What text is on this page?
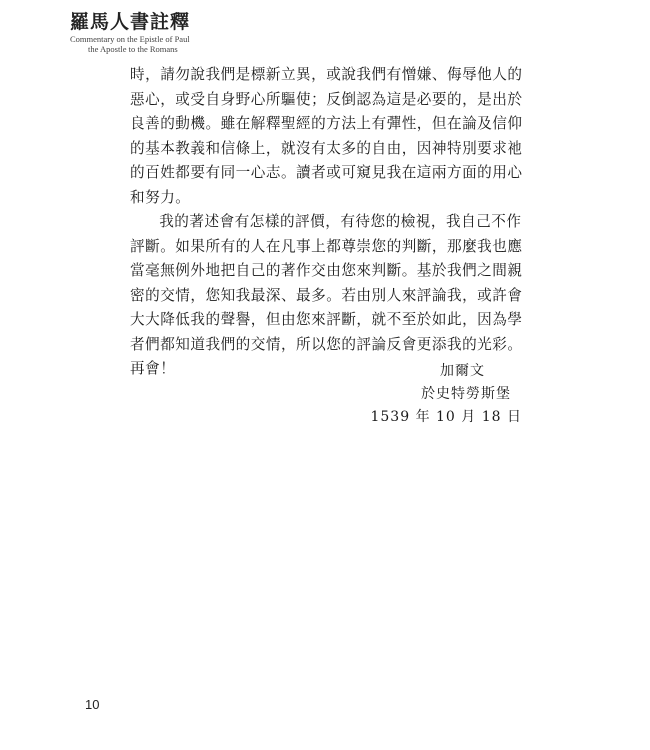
羅馬人書註釋
Commentary on the Epistle of Paul
the Apostle to the Romans

時，請勿說我們是標新立異，或說我們有憎嫌、侮辱他人的惡心，或受自身野心所驅使；反倒認為這是必要的，是出於良善的動機。雖在解釋聖經的方法上有彈性，但在論及信仰的基本教義和信條上，就沒有太多的自由，因神特別要求祂的百姓都要有同一心志。讀者或可窺見我在這兩方面的用心和努力。

我的著述會有怎樣的評價，有待您的檢視，我自己不作評斷。如果所有的人在凡事上都尊崇您的判斷，那麼我也應當毫無例外地把自己的著作交由您來判斷。基於我們之間親密的交情，您知我最深、最多。若由別人來評論我，或許會大大降低我的聲譽，但由您來評斷，就不至於如此，因為學者們都知道我們的交情，所以您的評論反會更添我的光彩。再會！	加爾文
於史特勞斯堡
1539 年 10 月 18 日
10
